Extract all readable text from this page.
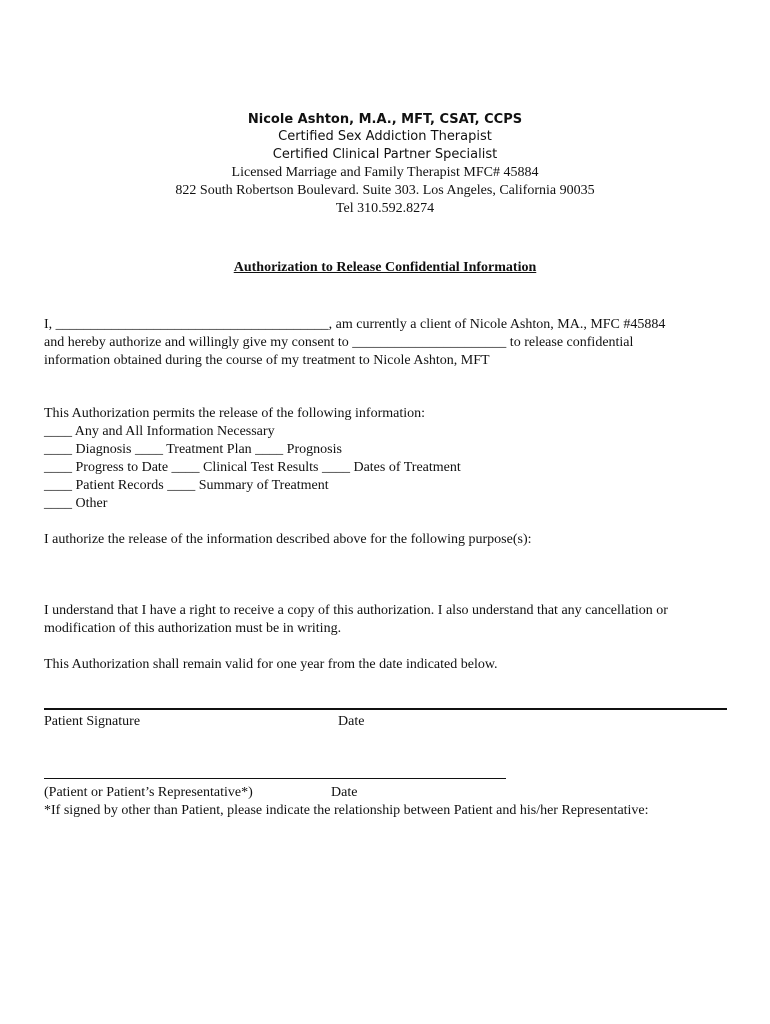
Nicole Ashton, M.A., MFT, CSAT, CCPS
Certified Sex Addiction Therapist
Certified Clinical Partner Specialist
Licensed Marriage and Family Therapist MFC# 45884
822 South Robertson Boulevard. Suite 303. Los Angeles, California 90035
Tel 310.592.8274
Authorization to Release Confidential Information
I, _______________________________________, am currently a client of Nicole Ashton, MA., MFC #45884
and hereby authorize and willingly give my consent to ______________________ to release confidential
information obtained during the course of my treatment to Nicole Ashton, MFT
This Authorization permits the release of the following information:
____ Any and All Information Necessary
____ Diagnosis ____ Treatment Plan ____ Prognosis
____ Progress to Date ____ Clinical Test Results ____ Dates of Treatment
____ Patient Records ____ Summary of Treatment
____ Other
I authorize the release of the information described above for the following purpose(s):
I understand that I have a right to receive a copy of this authorization. I also understand that any cancellation or
modification of this authorization must be in writing.
This Authorization shall remain valid for one year from the date indicated below.
Patient Signature	Date
(Patient or Patient’s Representative*)	Date
*If signed by other than Patient, please indicate the relationship between Patient and his/her Representative:
